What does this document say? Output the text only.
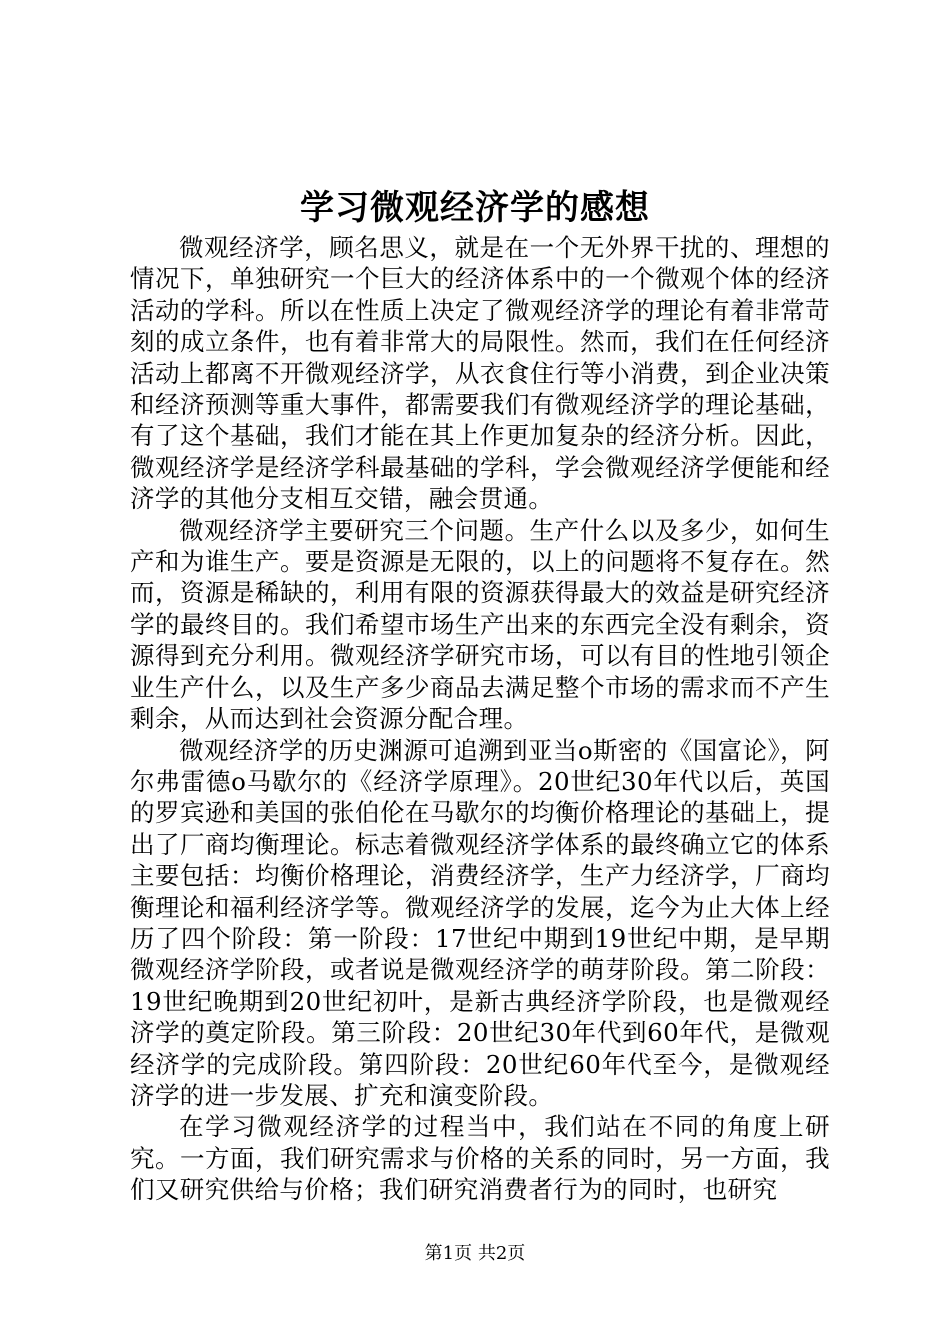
学习微观经济学的感想

微观经济学，顾名思义，就是在一个无外界干扰的、理想的情况下，单独研究一个巨大的经济体系中的一个微观个体的经济活动的学科。所以在性质上决定了微观经济学的理论有着非常苛刻的成立条件，也有着非常大的局限性。然而，我们在任何经济活动上都离不开微观经济学，从衣食住行等小消费，到企业决策和经济预测等重大事件，都需要我们有微观经济学的理论基础，有了这个基础，我们才能在其上作更加复杂的经济分析。因此，微观经济学是经济学科最基础的学科，学会微观经济学便能和经济学的其他分支相互交错，融会贯通。

微观经济学主要研究三个问题。生产什么以及多少，如何生产和为谁生产。要是资源是无限的，以上的问题将不复存在。然而，资源是稀缺的，利用有限的资源获得最大的效益是研究经济学的最终目的。我们希望市场生产出来的东西完全没有剩余，资源得到充分利用。微观经济学研究市场，可以有目的性地引领企业生产什么，以及生产多少商品去满足整个市场的需求而不产生剩余，从而达到社会资源分配合理。

微观经济学的历史渊源可追溯到亚当ο斯密的《国富论》，阿尔弗雷德ο马歇尔的《经济学原理》。20世纪30年代以后，英国的罗宾逊和美国的张伯伦在马歇尔的均衡价格理论的基础上，提出了厂商均衡理论。标志着微观经济学体系的最终确立它的体系主要包括：均衡价格理论，消费经济学，生产力经济学，厂商均衡理论和福利经济学等。微观经济学的发展，迄今为止大体上经历了四个阶段：第一阶段：17世纪中期到19世纪中期，是早期微观经济学阶段，或者说是微观经济学的萌芽阶段。第二阶段：19世纪晚期到20世纪初叶，是新古典经济学阶段，也是微观经济学的奠定阶段。第三阶段：20世纪30年代到60年代，是微观经济学的完成阶段。第四阶段：20世纪60年代至今，是微观经济学的进一步发展、扩充和演变阶段。

在学习微观经济学的过程当中，我们站在不同的角度上研究。一方面，我们研究需求与价格的关系的同时，另一方面，我们又研究供给与价格；我们研究消费者行为的同时，也研究

第1页 共2页
